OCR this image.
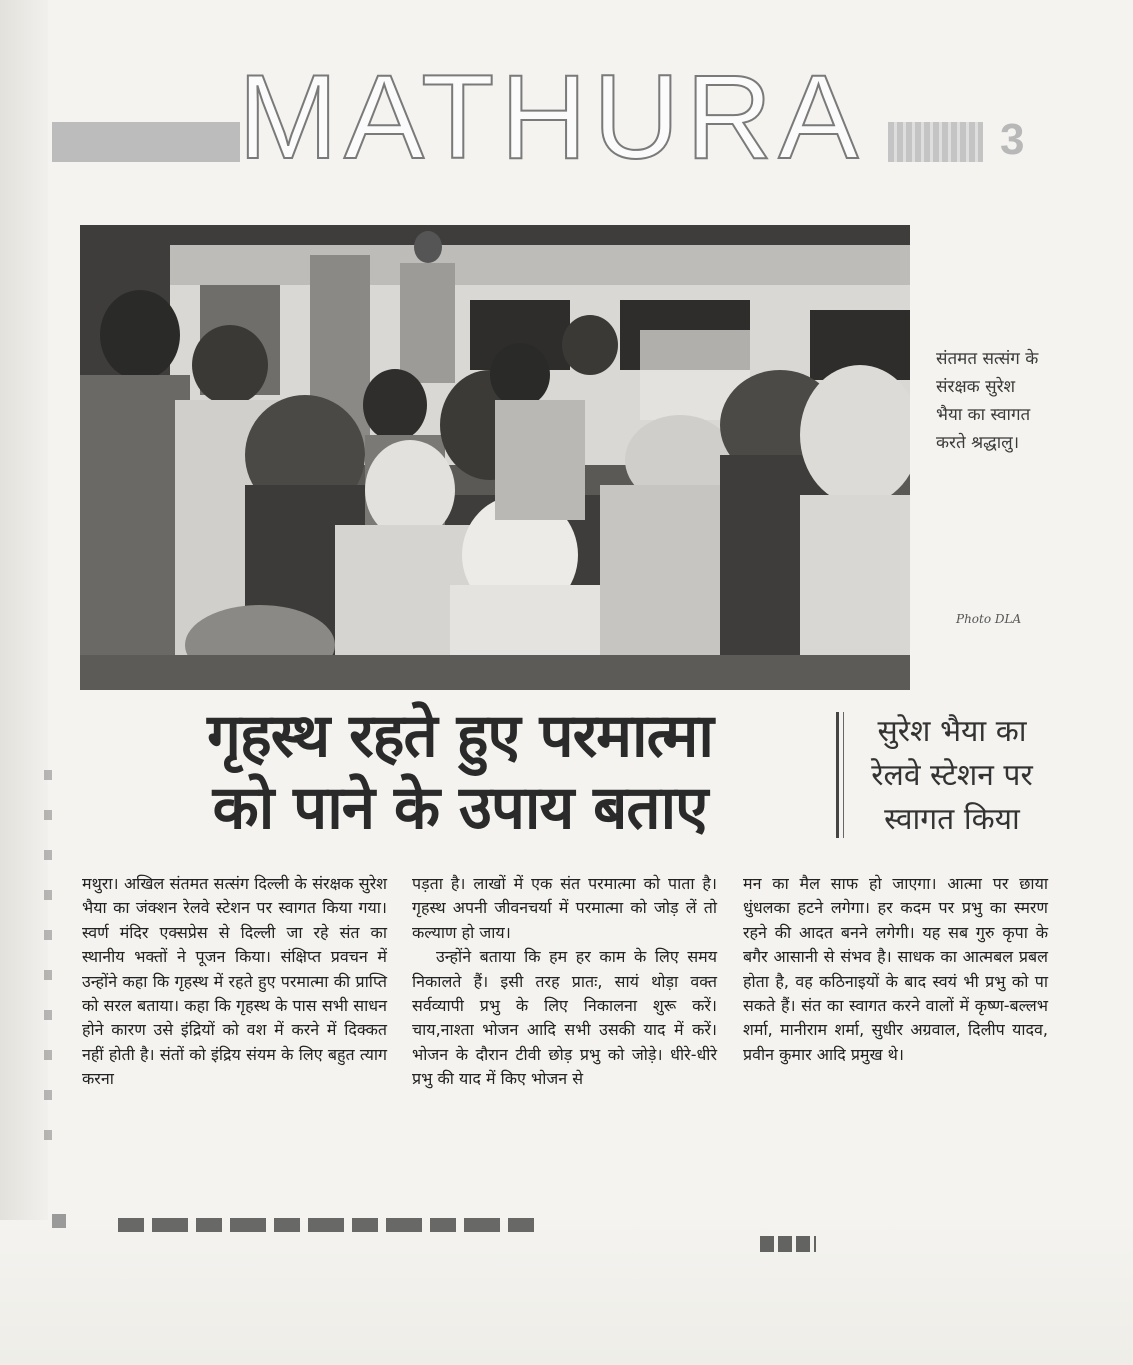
MATHURA	3
संतमत सत्संग के संरक्षक सुरेश भैया का स्वागत करते श्रद्धालु।
Photo DLA
गृहस्थ रहते हुए परमात्मा
को पाने के उपाय बताए
सुरेश भैया का
रेलवे स्टेशन पर
स्वागत किया

मथुरा। अखिल संतमत सत्संग दिल्ली के संरक्षक सुरेश भैया का जंक्शन रेलवे स्टेशन पर स्वागत किया गया। स्वर्ण मंदिर एक्सप्रेस से दिल्ली जा रहे संत का स्थानीय भक्तों ने पूजन किया। संक्षिप्त प्रवचन में उन्होंने कहा कि गृहस्थ में रहते हुए परमात्मा की प्राप्ति को सरल बताया। कहा कि गृहस्थ के पास सभी साधन होने कारण उसे इंद्रियों को वश में करने में दिक्कत नहीं होती है। संतों को इंद्रिय संयम के लिए बहुत त्याग करना

पड़ता है। लाखों में एक संत परमात्मा को पाता है। गृहस्थ अपनी जीवनचर्या में परमात्मा को जोड़ लें तो कल्याण हो जाय।

उन्होंने बताया कि हम हर काम के लिए समय निकालते हैं। इसी तरह प्रातः, सायं थोड़ा वक्त सर्वव्यापी प्रभु के लिए निकालना शुरू करें। चाय,नाश्ता भोजन आदि सभी उसकी याद में करें। भोजन के दौरान टीवी छोड़ प्रभु को जोड़े। धीरे-धीरे प्रभु की याद में किए भोजन से

मन का मैल साफ हो जाएगा। आत्मा पर छाया धुंधलका हटने लगेगा। हर कदम पर प्रभु का स्मरण रहने की आदत बनने लगेगी। यह सब गुरु कृपा के बगैर आसानी से संभव है। साधक का आत्मबल प्रबल होता है, वह कठिनाइयों के बाद स्वयं भी प्रभु को पा सकते हैं। संत का स्वागत करने वालों में कृष्ण-बल्लभ शर्मा, मानीराम शर्मा, सुधीर अग्रवाल, दिलीप यादव, प्रवीन कुमार आदि प्रमुख थे।
